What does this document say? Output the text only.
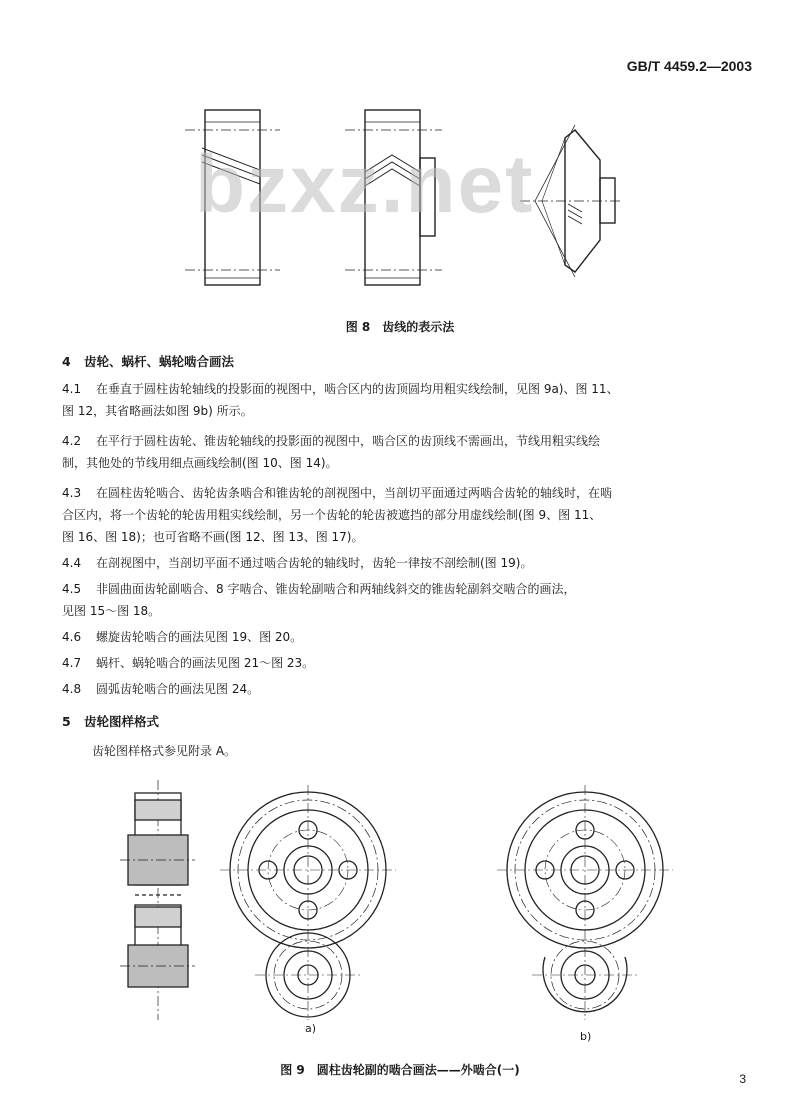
GB/T 4459.2—2003
bzxz.net
图 8　齿线的表示法
4 齿轮、蜗杆、蜗轮啮合画法
4.1 在垂直于圆柱齿轮轴线的投影面的视图中，啮合区内的齿顶圆均用粗实线绘制，见图 9a)、图 11、
图 12，其省略画法如图 9b) 所示。
4.2 在平行于圆柱齿轮、锥齿轮轴线的投影面的视图中，啮合区的齿顶线不需画出，节线用粗实线绘
制，其他处的节线用细点画线绘制(图 10、图 14)。
4.3 在圆柱齿轮啮合、齿轮齿条啮合和锥齿轮的剖视图中，当剖切平面通过两啮合齿轮的轴线时，在啮
合区内，将一个齿轮的轮齿用粗实线绘制，另一个齿轮的轮齿被遮挡的部分用虚线绘制(图 9、图 11、
图 16、图 18)；也可省略不画(图 12、图 13、图 17)。
4.4 在剖视图中，当剖切平面不通过啮合齿轮的轴线时，齿轮一律按不剖绘制(图 19)。
4.5 非圆曲面齿轮副啮合、8 字啮合、锥齿轮副啮合和两轴线斜交的锥齿轮副斜交啮合的画法，
见图 15～图 18。
4.6 螺旋齿轮啮合的画法见图 19、图 20。
4.7 蜗杆、蜗轮啮合的画法见图 21～图 23。
4.8 圆弧齿轮啮合的画法见图 24。
5 齿轮图样格式
齿轮图样格式参见附录 A。
a)
b)
图 9　圆柱齿轮副的啮合画法——外啮合(一)
3
